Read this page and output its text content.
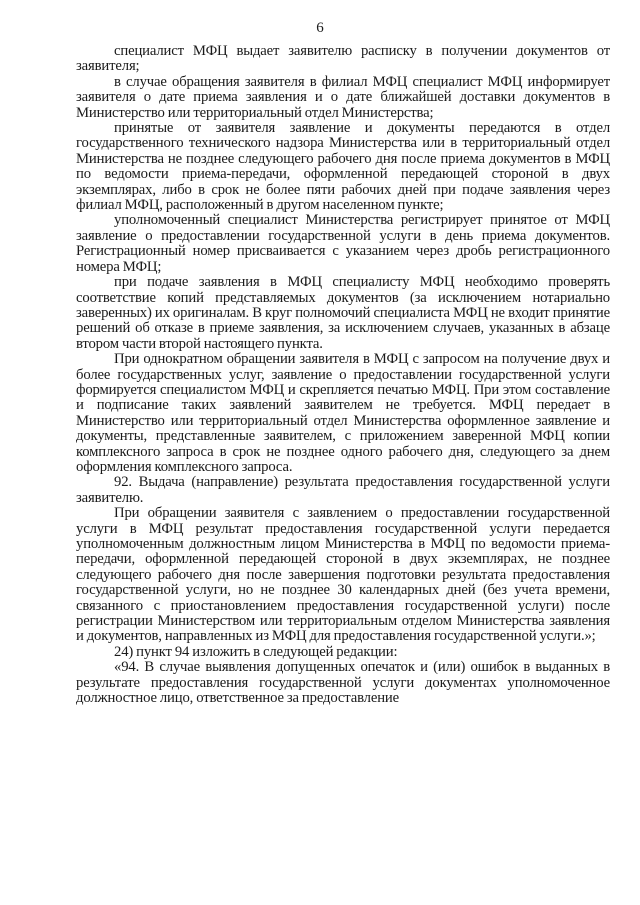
6

специалист МФЦ выдает заявителю расписку в получении документов от заявителя;

в случае обращения заявителя в филиал МФЦ специалист МФЦ информирует заявителя о дате приема заявления и о дате ближайшей доставки документов в Министерство или территориальный отдел Министерства;

принятые от заявителя заявление и документы передаются в отдел государственного технического надзора Министерства или в территориальный отдел Министерства не позднее следующего рабочего дня после приема документов в МФЦ по ведомости приема-передачи, оформленной передающей стороной в двух экземплярах, либо в срок не более пяти рабочих дней при подаче заявления через филиал МФЦ, расположенный в другом населенном пункте;

уполномоченный специалист Министерства регистрирует принятое от МФЦ заявление о предоставлении государственной услуги в день приема документов. Регистрационный номер присваивается с указанием через дробь регистрационного номера МФЦ;

при подаче заявления в МФЦ специалисту МФЦ необходимо проверять соответствие копий представляемых документов (за исключением нотариально заверенных) их оригиналам. В круг полномочий специалиста МФЦ не входит принятие решений об отказе в приеме заявления, за исключением случаев, указанных в абзаце втором части второй настоящего пункта.

При однократном обращении заявителя в МФЦ с запросом на получение двух и более государственных услуг, заявление о предоставлении государственной услуги формируется специалистом МФЦ и скрепляется печатью МФЦ. При этом составление и подписание таких заявлений заявителем не требуется. МФЦ передает в Министерство или территориальный отдел Министерства оформленное заявление и документы, представленные заявителем, с приложением заверенной МФЦ копии комплексного запроса в срок не позднее одного рабочего дня, следующего за днем оформления комплексного запроса.

92. Выдача (направление) результата предоставления государственной услуги заявителю.

При обращении заявителя с заявлением о предоставлении государственной услуги в МФЦ результат предоставления государственной услуги передается уполномоченным должностным лицом Министерства в МФЦ по ведомости приема-передачи, оформленной передающей стороной в двух экземплярах, не позднее следующего рабочего дня после завершения подготовки результата предоставления государственной услуги, но не позднее 30 календарных дней (без учета времени, связанного с приостановлением предоставления государственной услуги) после регистрации Министерством или территориальным отделом Министерства заявления и документов, направленных из МФЦ для предоставления государственной услуги.»;

24) пункт 94 изложить в следующей редакции:

«94. В случае выявления допущенных опечаток и (или) ошибок в выданных в результате предоставления государственной услуги документах уполномоченное должностное лицо, ответственное за предоставление
